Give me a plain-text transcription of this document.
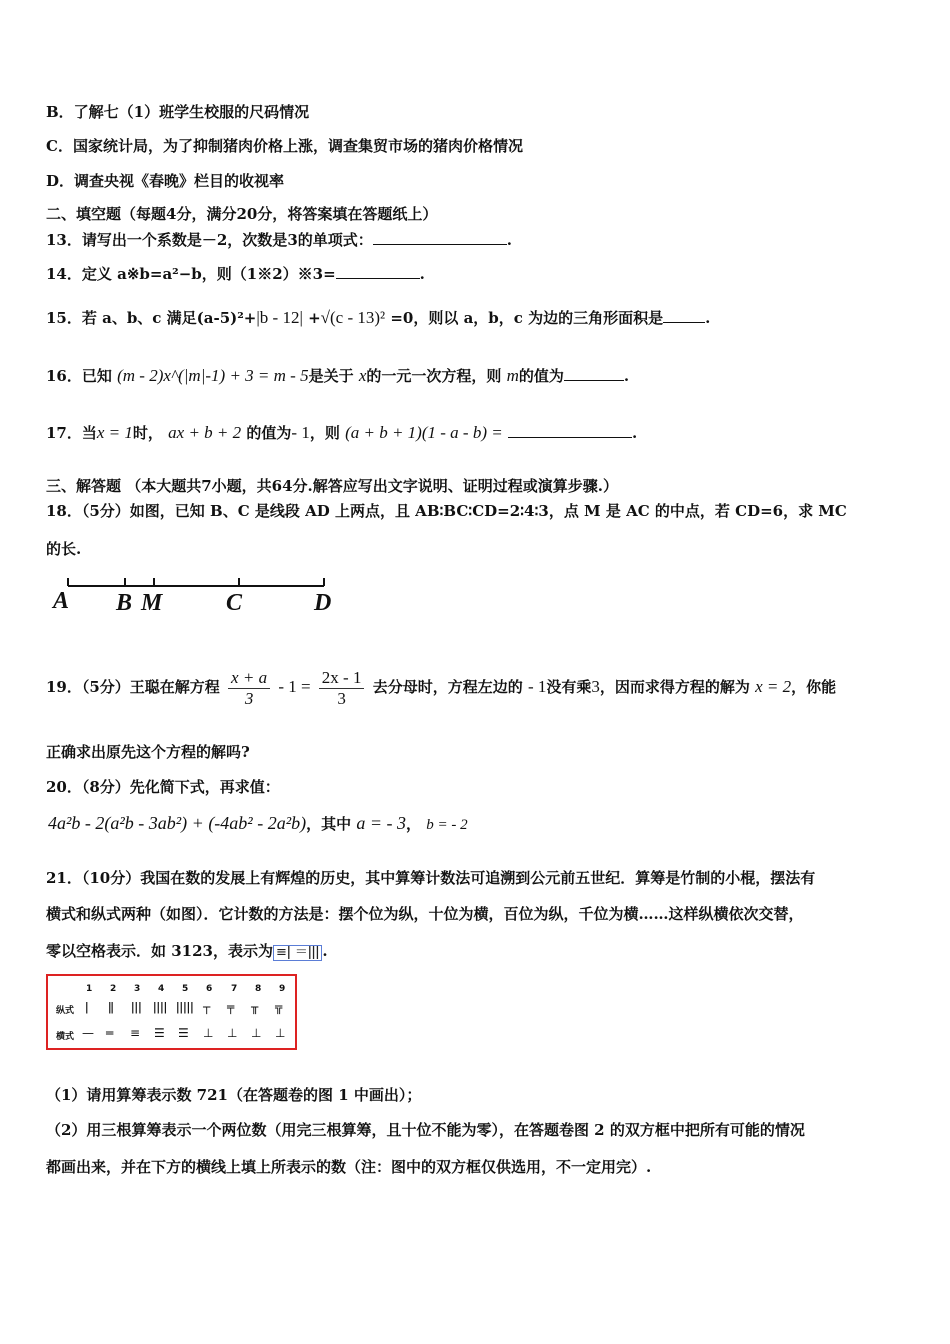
B．了解七（1）班学生校服的尺码情况
C．国家统计局，为了抑制猪肉价格上涨，调查集贸市场的猪肉价格情况
D．调查央视《春晚》栏目的收视率
二、填空题（每题4分，满分20分，将答案填在答题纸上）
13．请写出一个系数是－2，次数是3的单项式：	.
14．定义 a※b=a²−b，则（1※2）※3=	.
15．若 a、b、c 满足(a-5)²+|b - 12| +√(c - 13)² =0，则以 a，b，c 为边的三角形面积是	.
16．已知 (m - 2)x^(|m|-1) + 3 = m - 5是关于 x的一元一次方程，则 m的值为	.
17．当x = 1时， ax + b + 2 的值为- 1，则 (a + b + 1)(1 - a - b) =	.
三、解答题 （本大题共7小题，共64分.解答应写出文字说明、证明过程或演算步骤.）
18．（5分）如图，已知 B、C 是线段 AD 上两点，且 AB∶BC∶CD=2∶4∶3，点 M 是 AC 的中点，若 CD=6，求 MC
的长.
A B M	C	D
19．（5分）王聪在解方程 $\frac{x + a}{3} - 1 = \frac{2x - 1}{3}$ 去分母时，方程左边的 - 1没有乘3，因而求得方程的解为 x = 2，你能
正确求出原先这个方程的解吗?
20．（8分）先化简下式，再求值：
4a²b - 2(a²b - 3ab²) + (-4ab² - 2a²b)，其中 a = - 3， b = - 2
21．（10分）我国在数的发展上有辉煌的历史，其中算筹计数法可追溯到公元前五世纪．算筹是竹制的小棍，摆法有
横式和纵式两种（如图）．它计数的方法是：摆个位为纵，十位为横，百位为纵，千位为横……这样纵横依次交替，
零以空格表示．如 3123，表示为 ≡ǀ ＝ǀǀǀ .
1 2 3 4 5 6 7 8 9
纵式 ǀ ǁ ǀǀǀ ǀǀǀǀ ǀǀǀǀǀ ┬ ╤ ╥ ╦
横式 — ═ ≡ ☰ ☰ ⊥ ⊥ ⊥ ⊥
（1）请用算筹表示数 721（在答题卷的图 1 中画出）；
（2）用三根算筹表示一个两位数（用完三根算筹，且十位不能为零），在答题卷图 2 的双方框中把所有可能的情况
都画出来，并在下方的横线上填上所表示的数（注：图中的双方框仅供选用，不一定用完）.
